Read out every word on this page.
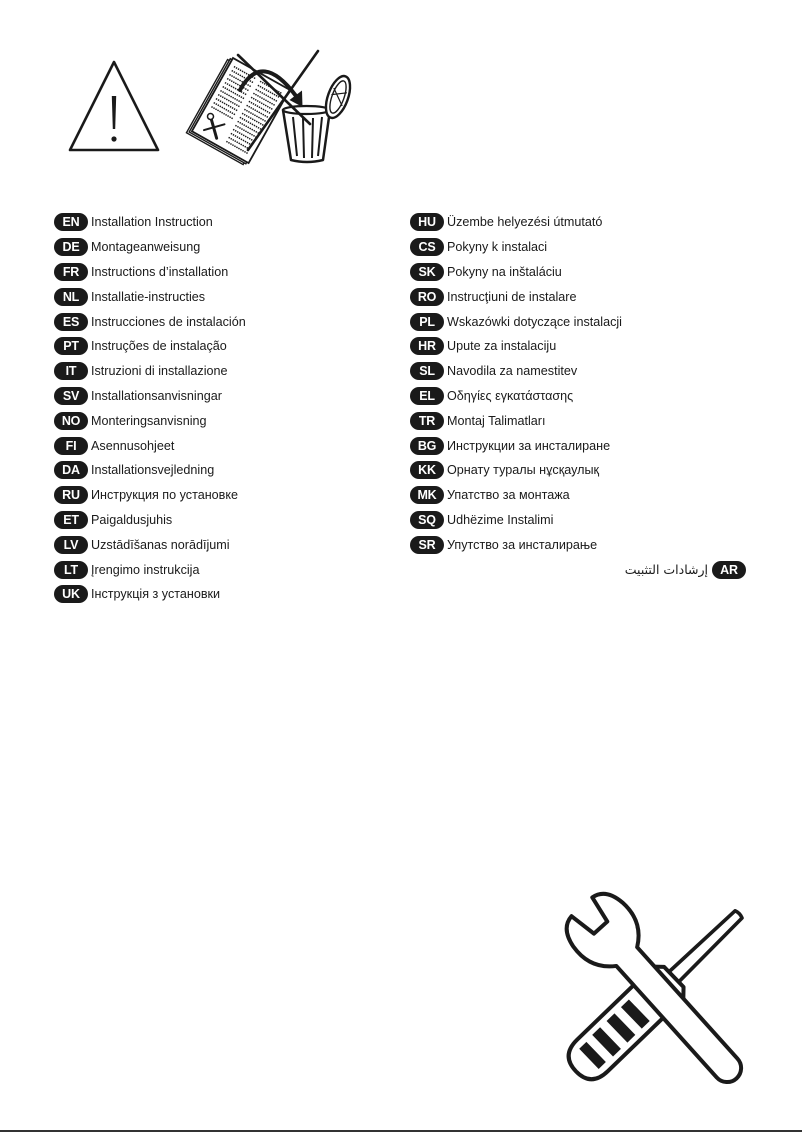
EN Installation Instruction
DE Montageanweisung
FR Instructions d’installation
NL Installatie-instructies
ES Instrucciones de instalación
PT Instruções de instalação
IT	Istruzioni di installazione
SV Installationsanvisningar
NO Monteringsanvisning
FI	Asennusohjeet
DA Installationsvejledning
RU Инструкция по установке
ET Paigaldusjuhis
LV	Uzstādīšanas norādījumi
LT	Įrengimo instrukcija
UK Інструкція з установки
HU Üzembe helyezési útmutató
CS Pokyny k instalaci
SK Pokyny na inštaláciu
RO Instrucţiuni de instalare
PL Wskazówki dotyczące instalacji
HR Upute za instalaciju
SL Navodila za namestitev
EL Οδηγίες εγκατάστασης
TR Montaj Talimatları
BG Инструкции за инсталиране
KK Орнату туралы нұсқаулық
MK Упатство за монтажа
SQ Udhëzime Instalimi
SR Упутство за инсталирање
إرشادات التثبيت AR
